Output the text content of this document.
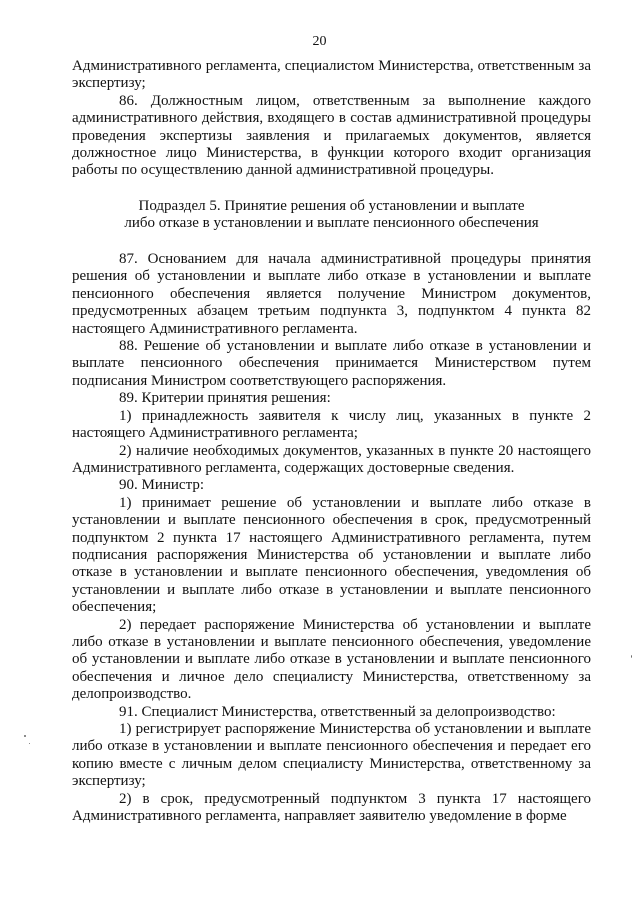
20

Административного регламента, специалистом Министерства, ответственным за экспертизу;

86. Должностным лицом, ответственным за выполнение каждого административного действия, входящего в состав административной процедуры проведения экспертизы заявления и прилагаемых документов, является должностное лицо Министерства, в функции которого входит организация работы по осуществлению данной административной процедуры.

Подраздел 5. Принятие решения об установлении и выплате
либо отказе в установлении и выплате пенсионного обеспечения

87. Основанием для начала административной процедуры принятия решения об установлении и выплате либо отказе в установлении и выплате пенсионного обеспечения является получение Министром документов, предусмотренных абзацем третьим подпункта 3, подпунктом 4 пункта 82 настоящего Административного регламента.

88. Решение об установлении и выплате либо отказе в установлении и выплате пенсионного обеспечения принимается Министерством путем подписания Министром соответствующего распоряжения.

89. Критерии принятия решения:

1) принадлежность заявителя к числу лиц, указанных в пункте 2 настоящего Административного регламента;

2) наличие необходимых документов, указанных в пункте 20 настоящего Административного регламента, содержащих достоверные сведения.

90. Министр:

1) принимает решение об установлении и выплате либо отказе в установлении и выплате пенсионного обеспечения в срок, предусмотренный подпунктом 2 пункта 17 настоящего Административного регламента, путем подписания распоряжения Министерства об установлении и выплате либо отказе в установлении и выплате пенсионного обеспечения, уведомления об установлении и выплате либо отказе в установлении и выплате пенсионного обеспечения;

2) передает распоряжение Министерства об установлении и выплате либо отказе в установлении и выплате пенсионного обеспечения, уведомление об установлении и выплате либо отказе в установлении и выплате пенсионного обеспечения и личное дело специалисту Министерства, ответственному за делопроизводство.

91. Специалист Министерства, ответственный за делопроизводство:

1) регистрирует распоряжение Министерства об установлении и выплате либо отказе в установлении и выплате пенсионного обеспечения и передает его копию вместе с личным делом специалисту Министерства, ответственному за экспертизу;

2) в срок, предусмотренный подпунктом 3 пункта 17 настоящего Административного регламента, направляет заявителю уведомление в форме
